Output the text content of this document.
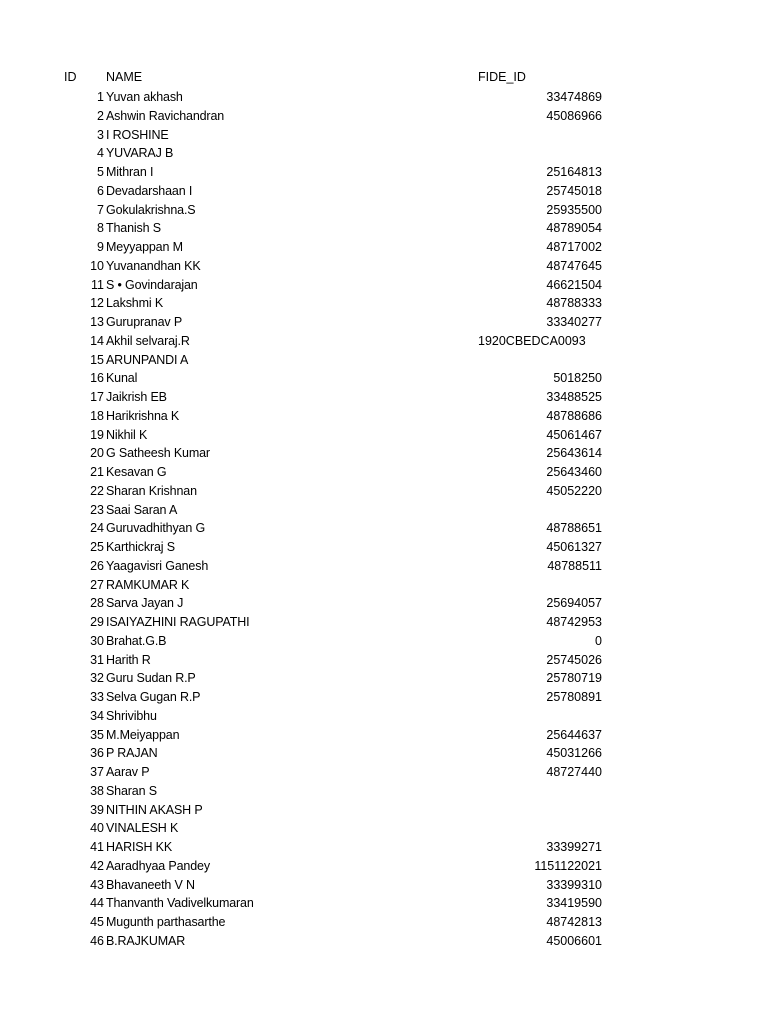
ID NAME	FIDE_ID
1 Yuvan akhash	33474869
2 Ashwin Ravichandran	45086966
3 I ROSHINE
4 YUVARAJ B
5 Mithran I	25164813
6 Devadarshaan I	25745018
7 Gokulakrishna.S	25935500
8 Thanish S	48789054
9 Meyyappan M	48717002
10 Yuvanandhan KK	48747645
11 S • Govindarajan	46621504
12 Lakshmi K	48788333
13 Gurupranav P	33340277
14 Akhil selvaraj.R	1920CBEDCA0093
15 ARUNPANDI A
16 Kunal	5018250
17 Jaikrish EB	33488525
18 Harikrishna K	48788686
19 Nikhil K	45061467
20 G Satheesh Kumar	25643614
21 Kesavan G	25643460
22 Sharan Krishnan	45052220
23 Saai Saran A
24 Guruvadhithyan G	48788651
25 Karthickraj S	45061327
26 Yaagavisri Ganesh	48788511
27 RAMKUMAR K
28 Sarva Jayan J	25694057
29 ISAIYAZHINI RAGUPATHI	48742953
30 Brahat.G.B	0
31 Harith R	25745026
32 Guru Sudan R.P	25780719
33 Selva Gugan R.P	25780891
34 Shrivibhu
35 M.Meiyappan	25644637
36 P RAJAN	45031266
37 Aarav P	48727440
38 Sharan S
39 NITHIN AKASH P
40 VINALESH K
41 HARISH KK	33399271
42 Aaradhyaa Pandey	1151122021
43 Bhavaneeth V N	33399310
44 Thanvanth Vadivelkumaran	33419590
45 Mugunth parthasarthe	48742813
46 B.RAJKUMAR	45006601
